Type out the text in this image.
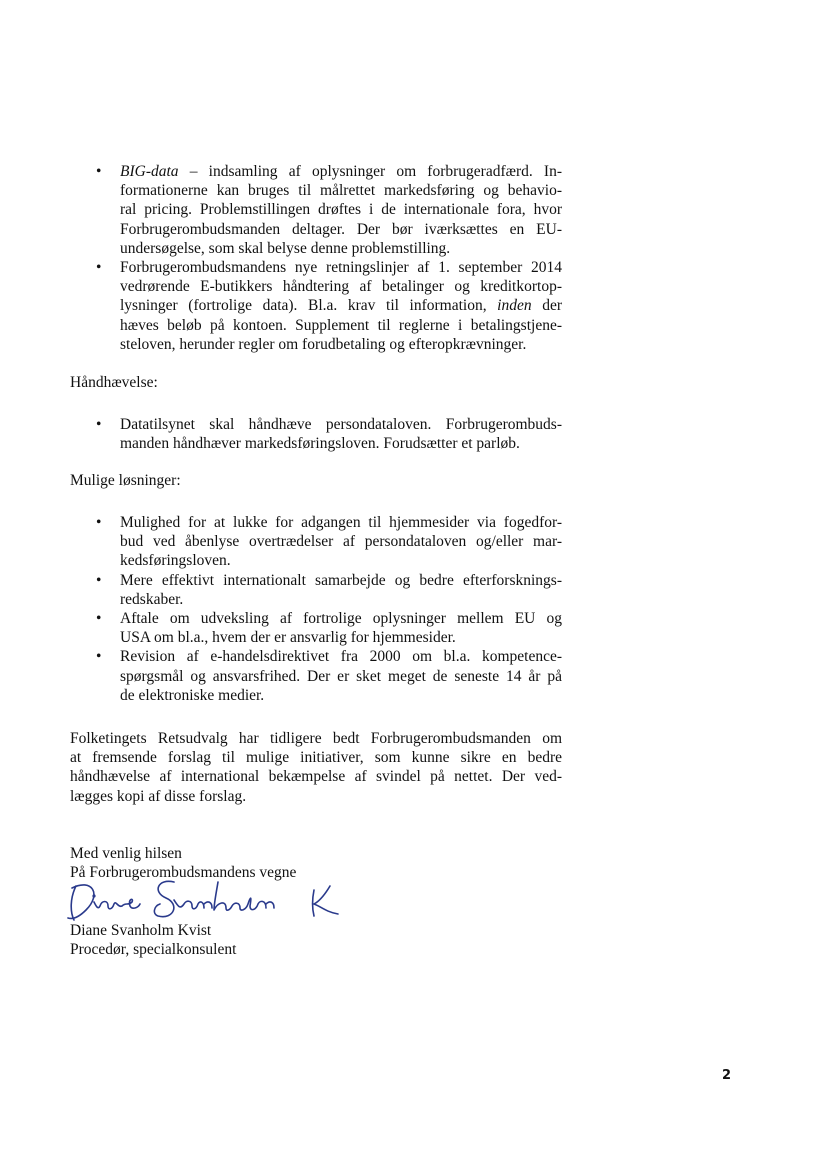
• BIG-data – indsamling af oplysninger om forbrugeradfærd. In-
formationerne kan bruges til målrettet markedsføring og behavio-
ral pricing. Problemstillingen drøftes i de internationale fora, hvor
Forbrugerombudsmanden deltager. Der bør iværksættes en EU-
undersøgelse, som skal belyse denne problemstilling.
• Forbrugerombudsmandens nye retningslinjer af 1. september 2014
vedrørende E-butikkers håndtering af betalinger og kreditkortop-
lysninger (fortrolige data). Bl.a. krav til information, inden der
hæves beløb på kontoen. Supplement til reglerne i betalingstjene-
steloven, herunder regler om forudbetaling og efteropkrævninger.
Håndhævelse:
• Datatilsynet skal håndhæve persondataloven. Forbrugerombuds-
manden håndhæver markedsføringsloven. Forudsætter et parløb.
Mulige løsninger:
• Mulighed for at lukke for adgangen til hjemmesider via fogedfor-
bud ved åbenlyse overtrædelser af persondataloven og/eller mar-
kedsføringsloven.
• Mere effektivt internationalt samarbejde og bedre efterforsknings-
redskaber.
• Aftale om udveksling af fortrolige oplysninger mellem EU og
USA om bl.a., hvem der er ansvarlig for hjemmesider.
• Revision af e-handelsdirektivet fra 2000 om bl.a. kompetence-
spørgsmål og ansvarsfrihed. Der er sket meget de seneste 14 år på
de elektroniske medier.
Folketingets Retsudvalg har tidligere bedt Forbrugerombudsmanden om
at fremsende forslag til mulige initiativer, som kunne sikre en bedre
håndhævelse af international bekæmpelse af svindel på nettet. Der ved-
lægges kopi af disse forslag.
Med venlig hilsen
På Forbrugerombudsmandens vegne
Diane Svanholm Kvist
Procedør, specialkonsulent
2
